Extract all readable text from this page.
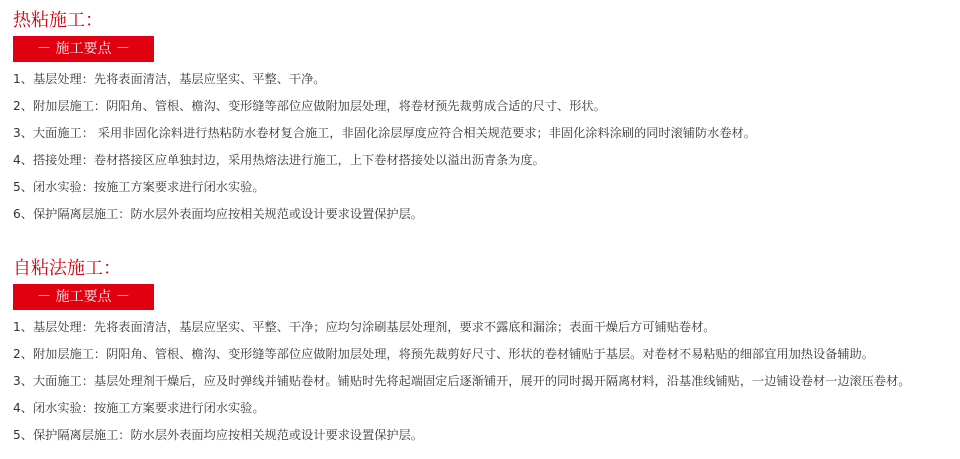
热粘施工：
－ 施工要点 －
1、基层处理：先将表面清洁，基层应坚实、平整、干净。
2、附加层施工：阴阳角、管根、檐沟、变形缝等部位应做附加层处理，将卷材预先裁剪成合适的尺寸、形状。
3、大面施工： 采用非固化涂料进行热粘防水卷材复合施工，非固化涂层厚度应符合相关规范要求；非固化涂料涂刷的同时滚铺防水卷材。
4、搭接处理：卷材搭接区应单独封边，采用热熔法进行施工，上下卷材搭接处以溢出沥青条为度。
5、闭水实验：按施工方案要求进行闭水实验。
6、保护隔离层施工：防水层外表面均应按相关规范或设计要求设置保护层。
自粘法施工：
－ 施工要点 －
1、基层处理：先将表面清洁，基层应坚实、平整、干净；应均匀涂刷基层处理剂，要求不露底和漏涂；表面干燥后方可铺贴卷材。
2、附加层施工：阴阳角、管根、檐沟、变形缝等部位应做附加层处理，将预先裁剪好尺寸、形状的卷材铺贴于基层。对卷材不易粘贴的细部宜用加热设备辅助。
3、大面施工：基层处理剂干燥后，应及时弹线并铺贴卷材。铺贴时先将起端固定后逐渐铺开，展开的同时揭开隔离材料，沿基准线铺贴，一边铺设卷材一边滚压卷材。
4、闭水实验：按施工方案要求进行闭水实验。
5、保护隔离层施工：防水层外表面均应按相关规范或设计要求设置保护层。
